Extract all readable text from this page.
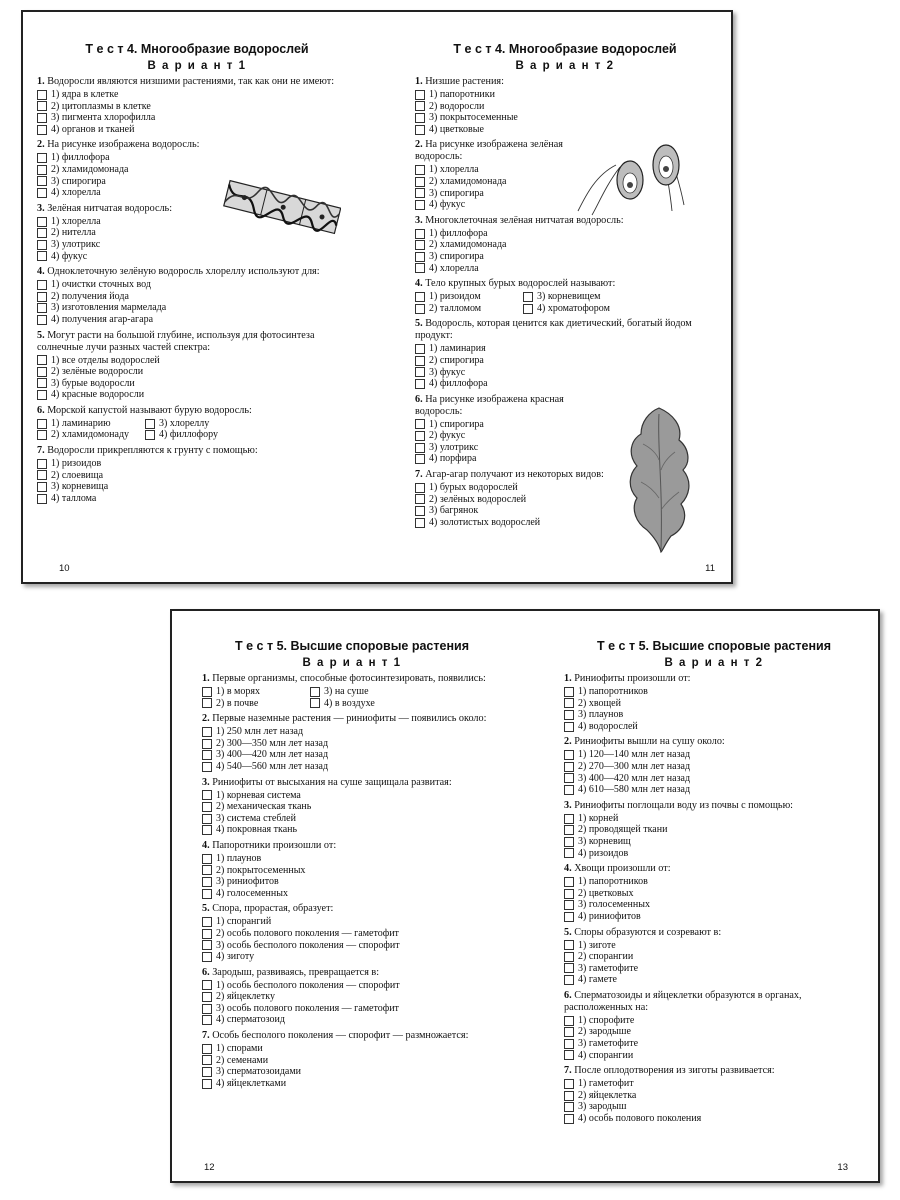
Т е с т 4. Многообразие водорослей
В а р и а н т 1
1. Водоросли являются низшими растениями, так как они не имеют:
1) ядра в клетке
2) цитоплазмы в клетке
3) пигмента хлорофилла
4) органов и тканей
2. На рисунке изображена водоросль:
1) филлофора
2) хламидомонада
3) спирогира
4) хлорелла
3. Зелёная нитчатая водоросль:
1) хлорелла
2) нителла
3) улотрикс
4) фукус
4. Одноклеточную зелёную водоросль хлореллу используют для:
1) очистки сточных вод
2) получения йода
3) изготовления мармелада
4) получения агар-агара
5. Могут расти на большой глубине, используя для фотосинтеза солнечные лучи разных частей спектра:
1) все отделы водорослей
2) зелёные водоросли
3) бурые водоросли
4) красные водоросли
6. Морской капустой называют бурую водоросль:
1) ламинарию	3) хлореллу
2) хламидомонаду	4) филлофору
7. Водоросли прикрепляются к грунту с помощью:
1) ризоидов
2) слоевища
3) корневища
4) таллома
10
Т е с т 4. Многообразие водорослей
В а р и а н т 2
1. Низшие растения:
1) папоротники
2) водоросли
3) покрытосеменные
4) цветковые
2. На рисунке изображена зелёная водоросль:
1) хлорелла
2) хламидомонада
3) спирогира
4) фукус
3. Многоклеточная зелёная нитчатая водоросль:
1) филлофора
2) хламидомонада
3) спирогира
4) хлорелла
4. Тело крупных бурых водорослей называют:
1) ризоидом	3) корневищем
2) талломом	4) хроматофором
5. Водоросль, которая ценится как диетический, богатый йодом продукт:
1) ламинария
2) спирогира
3) фукус
4) филлофора
6. На рисунке изображена красная водоросль:
1) спирогира
2) фукус
3) улотрикс
4) порфира
7. Агар-агар получают из некоторых видов:
1) бурых водорослей
2) зелёных водорослей
3) багрянок
4) золотистых водорослей
11
Т е с т 5. Высшие споровые растения
В а р и а н т 1
1. Первые организмы, способные фотосинтезировать, появились:
1) в морях	3) на суше
2) в почве	4) в воздухе
2. Первые наземные растения — риниофиты — появились около:
1) 250 млн лет назад
2) 300—350 млн лет назад
3) 400—420 млн лет назад
4) 540—560 млн лет назад
3. Риниофиты от высыхания на суше защищала развитая:
1) корневая система
2) механическая ткань
3) система стеблей
4) покровная ткань
4. Папоротники произошли от:
1) плаунов
2) покрытосеменных
3) риниофитов
4) голосеменных
5. Спора, прорастая, образует:
1) спорангий
2) особь полового поколения — гаметофит
3) особь бесполого поколения — спорофит
4) зиготу
6. Зародыш, развиваясь, превращается в:
1) особь бесполого поколения — спорофит
2) яйцеклетку
3) особь полового поколения — гаметофит
4) сперматозоид
7. Особь бесполого поколения — спорофит — размножается:
1) спорами
2) семенами
3) сперматозоидами
4) яйцеклетками
12
Т е с т 5. Высшие споровые растения
В а р и а н т 2
1. Риниофиты произошли от:
1) папоротников
2) хвощей
3) плаунов
4) водорослей
2. Риниофиты вышли на сушу около:
1) 120—140 млн лет назад
2) 270—300 млн лет назад
3) 400—420 млн лет назад
4) 610—580 млн лет назад
3. Риниофиты поглощали воду из почвы с помощью:
1) корней
2) проводящей ткани
3) корневищ
4) ризоидов
4. Хвощи произошли от:
1) папоротников
2) цветковых
3) голосеменных
4) риниофитов
5. Споры образуются и созревают в:
1) зиготе
2) спорангии
3) гаметофите
4) гамете
6. Сперматозоиды и яйцеклетки образуются в органах, расположенных на:
1) спорофите
2) зародыше
3) гаметофите
4) спорангии
7. После оплодотворения из зиготы развивается:
1) гаметофит
2) яйцеклетка
3) зародыш
4) особь полового поколения
13
